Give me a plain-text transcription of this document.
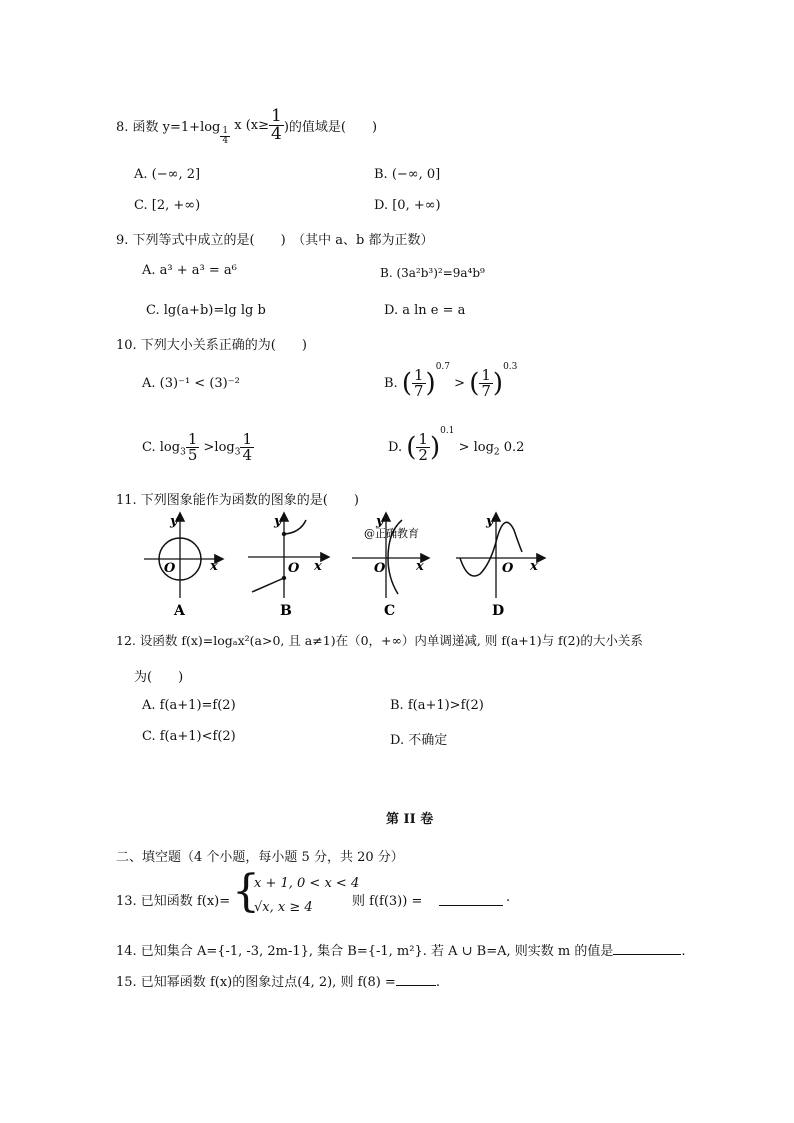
8. 函数 $y=1+\log \frac{1}{4}$
x ($x\ge \frac{1}{4}$ )的值域是(　　)
A. (−∞, 2]	B. (−∞, 0]
C. [2, +∞)	D. [0, +∞)
9. 下列等式中成立的是(　　)　（其中 a、b 都为正数）
A. a³ + a³ = a⁶	B. (3a²b³)²=9a⁴b⁹
C. lg(a+b)=lg lg b	D. a ln e = a
10. 下列大小关系正确的为(　　)
A. (3)⁻¹ < (3)⁻²	B. ( $\frac{1}{7} )^{0.7}$ > ( $\frac{1}{7} )^{0.3}$
C. $\log_3 \frac{1}{5} >\log_3 \frac{1}{4}$	D. ( $\frac{1}{2} )^{0.1} > \log_2 0.2$
11. 下列图象能作为函数的图象的是(　　)
y
x
O
A
y
x
O
B
y
x
O
@正确教育
C
y
x
O
D
12. 设函数 f(x)=logₐx²(a>0, 且 a≠1)在（0，+∞）内单调递减, 则 f(a+1)与 f(2)的大小关系
为(　　)
A. f(a+1)=f(2)	B. f(a+1)>f(2)
C. f(a+1)<f(2)	D. 不确定
第 II 卷
二、填空题（4 个小题，每小题 5 分，共 20 分）
13. 已知函数 f(x)= {
x + 1, 0 < x < 4
√x, x ≥ 4	则 f(f(3)) =	.
14. 已知集合 A={-1, -3, 2m-1}, 集合 B={-1, m²}. 若 A ∪ B=A, 则实数 m 的值是	.
15. 已知幂函数 f(x)的图象过点(4, 2), 则 f(8) =	.
